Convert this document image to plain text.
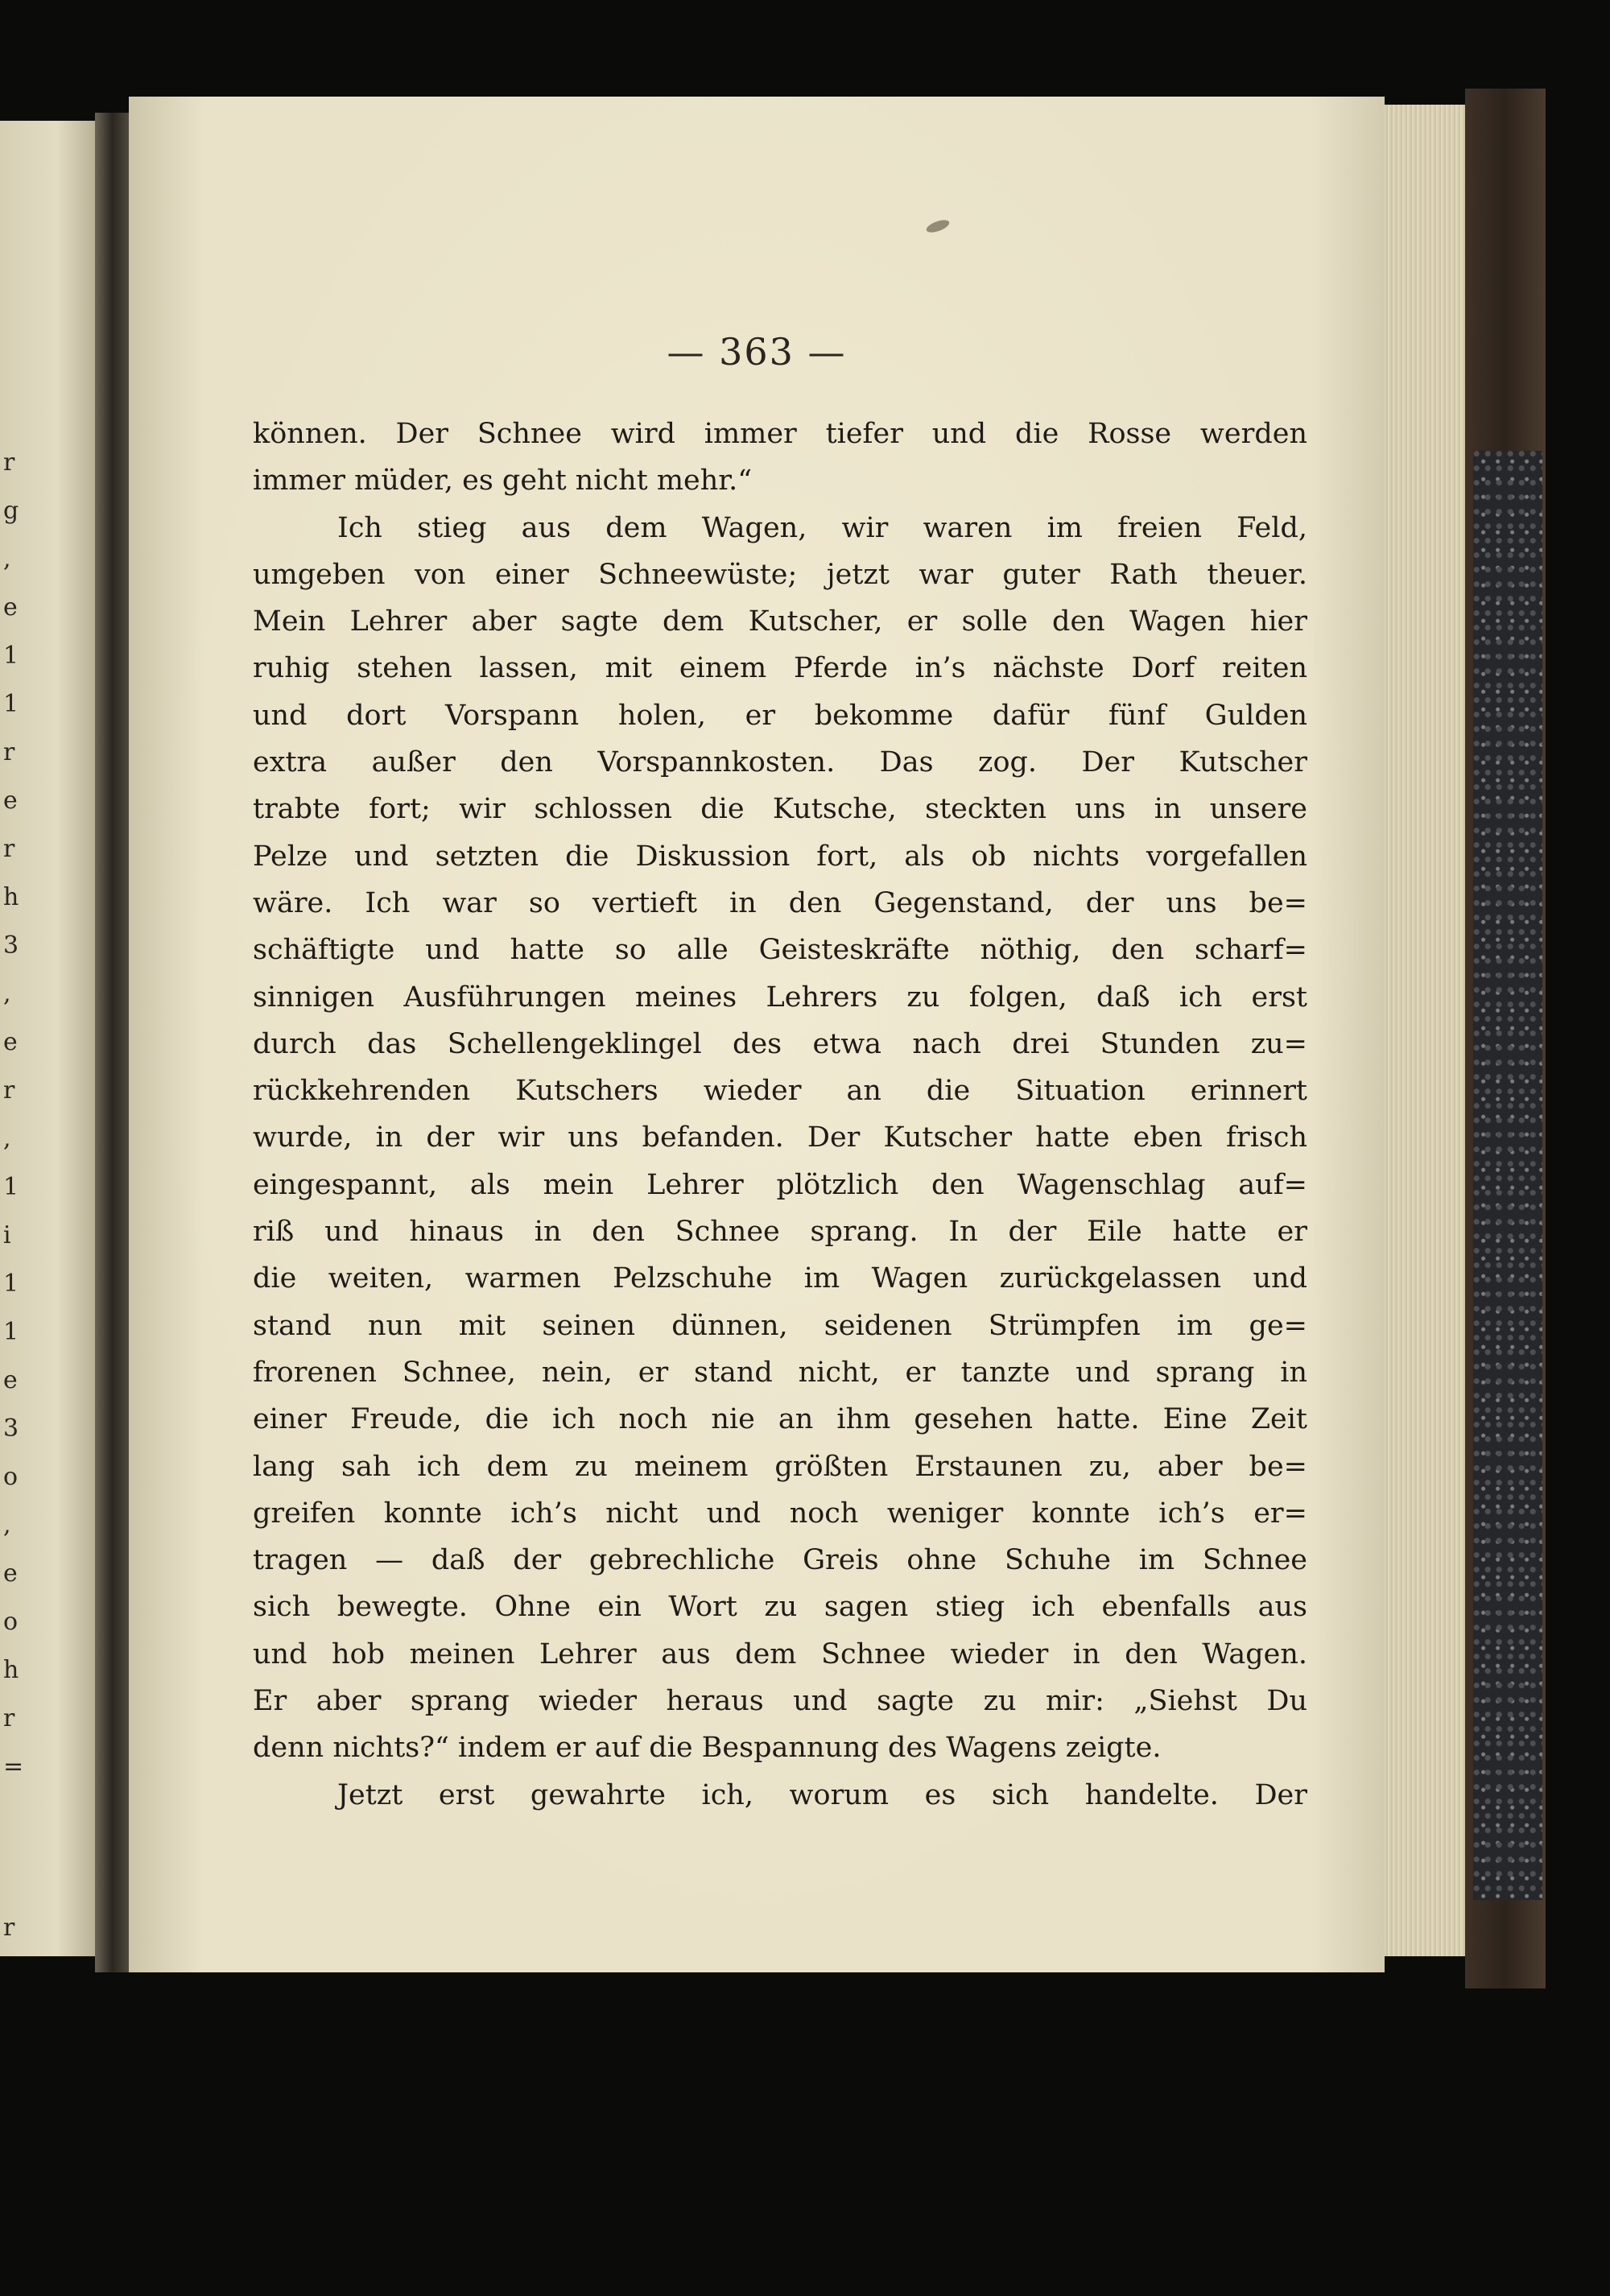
r
g
,
e
1
1
r
e
r
h
3
,
e
r
,
1
i
1
1
e
3
o
,
e
o
h
r
=
r
— 363 —
können. Der Schnee wird immer tiefer und die Rosse werden
immer müder, es geht nicht mehr.“
Ich stieg aus dem Wagen, wir waren im freien Feld,
umgeben von einer Schneewüste; jetzt war guter Rath theuer.
Mein Lehrer aber sagte dem Kutscher, er solle den Wagen hier
ruhig stehen lassen, mit einem Pferde in’s nächste Dorf reiten
und dort Vorspann holen, er bekomme dafür fünf Gulden
extra außer den Vorspannkosten. Das zog. Der Kutscher
trabte fort; wir schlossen die Kutsche, steckten uns in unsere
Pelze und setzten die Diskussion fort, als ob nichts vorgefallen
wäre. Ich war so vertieft in den Gegenstand, der uns be=
schäftigte und hatte so alle Geisteskräfte nöthig, den scharf=
sinnigen Ausführungen meines Lehrers zu folgen, daß ich erst
durch das Schellengeklingel des etwa nach drei Stunden zu=
rückkehrenden Kutschers wieder an die Situation erinnert
wurde, in der wir uns befanden. Der Kutscher hatte eben frisch
eingespannt, als mein Lehrer plötzlich den Wagenschlag auf=
riß und hinaus in den Schnee sprang. In der Eile hatte er
die weiten, warmen Pelzschuhe im Wagen zurückgelassen und
stand nun mit seinen dünnen, seidenen Strümpfen im ge=
frorenen Schnee, nein, er stand nicht, er tanzte und sprang in
einer Freude, die ich noch nie an ihm gesehen hatte. Eine Zeit
lang sah ich dem zu meinem größten Erstaunen zu, aber be=
greifen konnte ich’s nicht und noch weniger konnte ich’s er=
tragen — daß der gebrechliche Greis ohne Schuhe im Schnee
sich bewegte. Ohne ein Wort zu sagen stieg ich ebenfalls aus
und hob meinen Lehrer aus dem Schnee wieder in den Wagen.
Er aber sprang wieder heraus und sagte zu mir: „Siehst Du
denn nichts?“ indem er auf die Bespannung des Wagens zeigte.
Jetzt erst gewahrte ich, worum es sich handelte. Der
